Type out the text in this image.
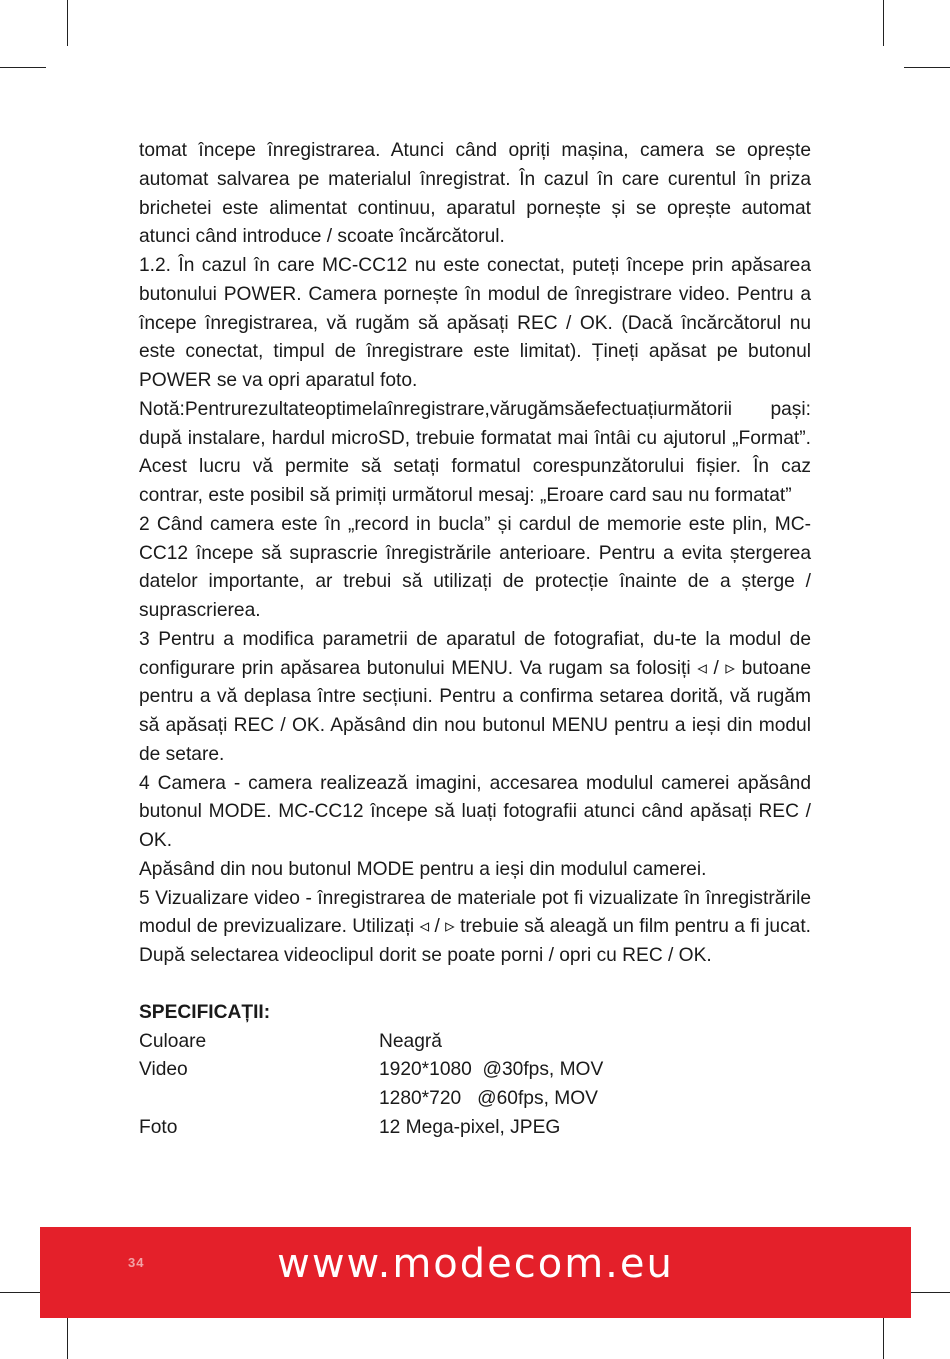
tomat începe înregistrarea. Atunci când opriți mașina, camera se oprește automat salvarea pe materialul înregistrat. În cazul în care curentul în priza brichetei este alimentat continuu, aparatul pornește și se oprește automat atunci când introduce / scoate încărcătorul.

1.2. În cazul în care MC-CC12 nu este conectat, puteți începe prin apăsarea butonului POWER. Camera pornește în modul de înregistrare video. Pentru a începe înregistrarea, vă rugăm să apăsați REC / OK. (Dacă încărcătorul nu este conectat, timpul de înregistrare este limitat). Țineți apăsat pe butonul POWER se va opri aparatul foto.

Notă:Pentrurezultateoptimelaînregistrare,vărugămsăefectuațiurmătorii pași: după instalare, hardul microSD, trebuie formatat mai întâi cu ajutorul „Format”. Acest lucru vă permite să setați formatul corespunzătorului fișier. În caz contrar, este posibil să primiți următorul mesaj: „Eroare card sau nu formatat”

2 Când camera este în „record in bucla” și cardul de memorie este plin, MC-CC12 începe să suprascrie înregistrările anterioare. Pentru a evita ștergerea datelor importante, ar trebui să utilizați de protecție înainte de a șterge / suprascrierea.

3 Pentru a modifica parametrii de aparatul de fotografiat, du-te la modul de configurare prin apăsarea butonului MENU. Va rugam sa folosiți ◃ / ▹ butoane pentru a vă deplasa între secțiuni. Pentru a confirma setarea dorită, vă rugăm să apăsați REC / OK. Apăsând din nou butonul MENU pentru a ieși din modul de setare.

4 Camera - camera realizează imagini, accesarea modulul camerei apăsând butonul MODE. MC-CC12 începe să luați fotografii atunci când apăsați REC / OK.

Apăsând din nou butonul MODE pentru a ieși din modulul camerei.

5 Vizualizare video - înregistrarea de materiale pot fi vizualizate în înregistrările modul de previzualizare. Utilizați ◃ / ▹ trebuie să aleagă un film pentru a fi jucat. După selectarea videoclipul dorit se poate porni / opri cu REC / OK.

SPECIFICAȚII:

Culoare	Neagră
Video	1920*1080  @30fps, MOV
1280*720   @60fps, MOV
Foto	12 Mega-pixel, JPEG
34	www.modecom.eu
